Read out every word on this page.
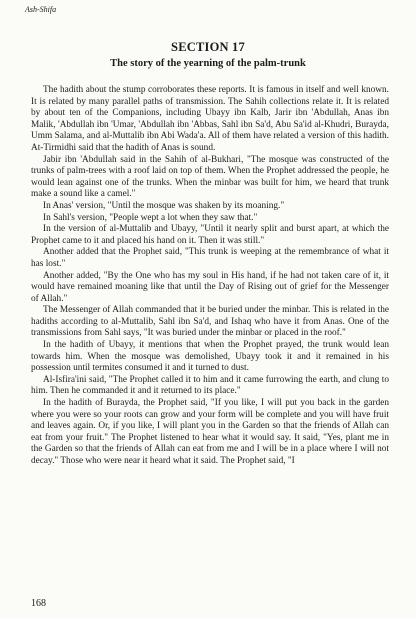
Ash-Shifa
SECTION 17
The story of the yearning of the palm-trunk

The hadith about the stump corroborates these reports. It is famous in itself and well known. It is related by many parallel paths of transmission. The Sahih collections relate it. It is related by about ten of the Companions, including Ubayy ibn Kalb, Jarir ibn 'Abdullah, Anas ibn Malik, 'Abdullah ibn 'Umar, 'Abdullah ibn 'Abbas, Sahl ibn Sa'd, Abu Sa'id al-Khudri, Burayda, Umm Salama, and al-Muttalib ibn Abi Wada'a. All of them have related a version of this hadith. At-Tirmidhi said that the hadith of Anas is sound.

Jabir ibn 'Abdullah said in the Sahih of al-Bukhari, "The mosque was constructed of the trunks of palm-trees with a roof laid on top of them. When the Prophet addressed the people, he would lean against one of the trunks. When the minbar was built for him, we heard that trunk make a sound like a camel."

In Anas' version, "Until the mosque was shaken by its moaning."

In Sahl's version, "People wept a lot when they saw that."

In the version of al-Muttalib and Ubayy, "Until it nearly split and burst apart, at which the Prophet came to it and placed his hand on it. Then it was still."

Another added that the Prophet said, "This trunk is weeping at the remembrance of what it has lost."

Another added, "By the One who has my soul in His hand, if he had not taken care of it, it would have remained moaning like that until the Day of Rising out of grief for the Messenger of Allah."

The Messenger of Allah commanded that it be buried under the minbar. This is related in the hadiths according to al-Muttalib, Sahl ibn Sa'd, and Ishaq who have it from Anas. One of the transmissions from Sahl says, "It was buried under the minbar or placed in the roof."

In the hadith of Ubayy, it mentions that when the Prophet prayed, the trunk would lean towards him. When the mosque was demolished, Ubayy took it and it remained in his possession until termites consumed it and it turned to dust.

Al-Isfira'ini said, "The Prophet called it to him and it came furrowing the earth, and clung to him. Then he commanded it and it returned to its place."

In the hadith of Burayda, the Prophet said, "If you like, I will put you back in the garden where you were so your roots can grow and your form will be complete and you will have fruit and leaves again. Or, if you like, I will plant you in the Garden so that the friends of Allah can eat from your fruit." The Prophet listened to hear what it would say. It said, "Yes, plant me in the Garden so that the friends of Allah can eat from me and I will be in a place where I will not decay." Those who were near it heard what it said. The Prophet said, "I

168
